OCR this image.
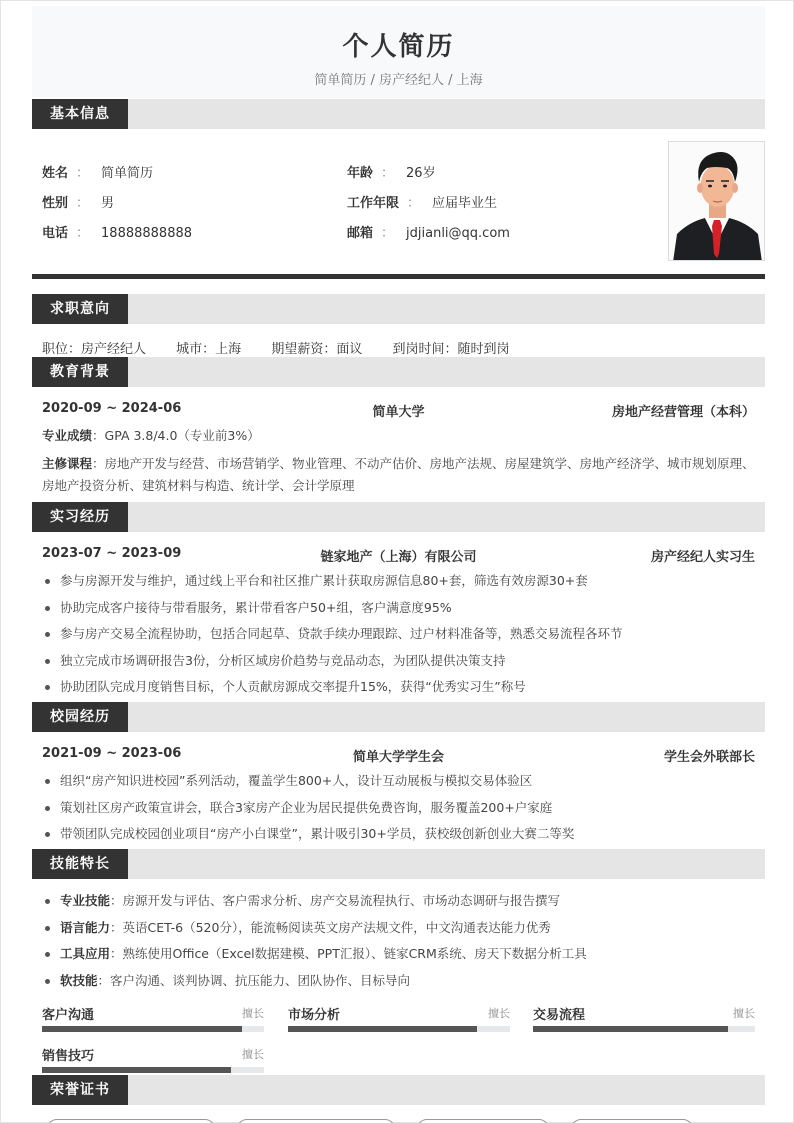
个人简历
简单简历 / 房产经纪人 / 上海
基本信息
姓名 ： 简单简历
性别 ： 男
电话 ： 18888888888
年龄 ： 26岁
工作年限 ： 应届毕业生
邮箱 ： jdjianli@qq.com
求职意向
职位：房产经纪人 城市：上海 期望薪资：面议 到岗时间：随时到岗
教育背景
简单大学
2020-09 ~ 2024-06	房地产经营管理（本科）
专业成绩：GPA 3.8/4.0（专业前3%）
主修课程：房地产开发与经营、市场营销学、物业管理、不动产估价、房地产法规、房屋建筑学、房地产经济学、城市规划原理、房地产投资分析、建筑材料与构造、统计学、会计学原理
实习经历
链家地产（上海）有限公司
2023-07 ~ 2023-09	房产经纪人实习生
参与房源开发与维护，通过线上平台和社区推广累计获取房源信息80+套，筛选有效房源30+套
协助完成客户接待与带看服务，累计带看客户50+组，客户满意度95%
参与房产交易全流程协助，包括合同起草、贷款手续办理跟踪、过户材料准备等，熟悉交易流程各环节
独立完成市场调研报告3份，分析区域房价趋势与竞品动态，为团队提供决策支持
协助团队完成月度销售目标，个人贡献房源成交率提升15%，获得“优秀实习生”称号
校园经历
简单大学学生会
2021-09 ~ 2023-06	学生会外联部长
组织“房产知识进校园”系列活动，覆盖学生800+人，设计互动展板与模拟交易体验区
策划社区房产政策宣讲会，联合3家房产企业为居民提供免费咨询，服务覆盖200+户家庭
带领团队完成校园创业项目“房产小白课堂”，累计吸引30+学员，获校级创新创业大赛二等奖
技能特长
专业技能：房源开发与评估、客户需求分析、房产交易流程执行、市场动态调研与报告撰写
语言能力：英语CET-6（520分），能流畅阅读英文房产法规文件，中文沟通表达能力优秀
工具应用：熟练使用Office（Excel数据建模、PPT汇报）、链家CRM系统、房天下数据分析工具
软技能：客户沟通、谈判协调、抗压能力、团队协作、目标导向
客户沟通	擅长 市场分析	擅长 交易流程	擅长
销售技巧	擅长
荣誉证书
